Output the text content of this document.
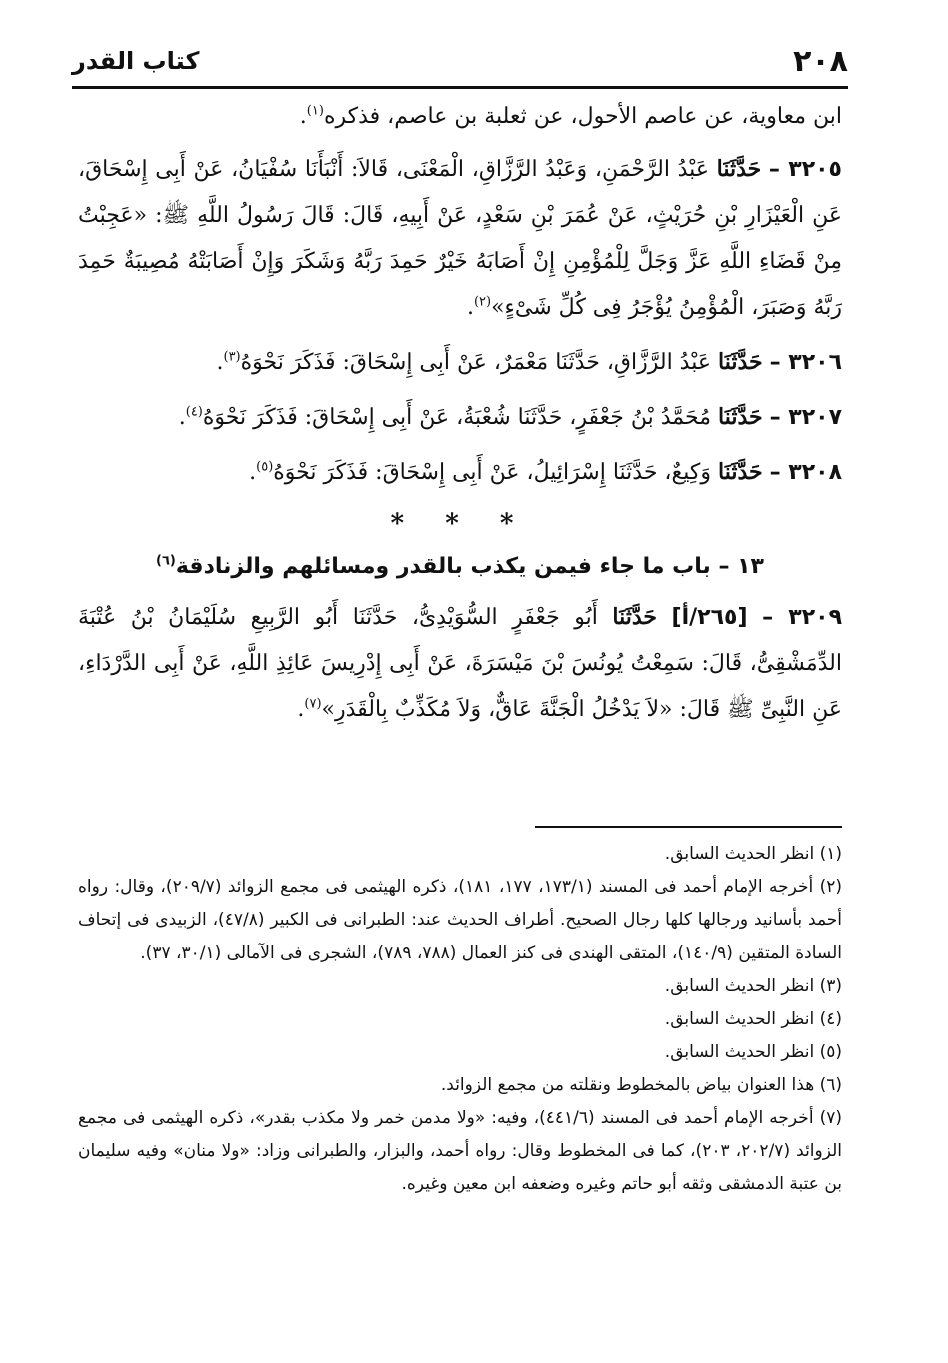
٢٠٨
كتاب القدر

ابن معاوية، عن عاصم الأحول، عن ثعلبة بن عاصم، فذكره$^{(١)}$.

٣٢٠٥ – حَدَّثَنَا عَبْدُ الرَّحْمَنِ، وَعَبْدُ الرَّزَّاقِ، الْمَعْنَى، قَالاَ: أَنْبَأَنَا سُفْيَانُ، عَنْ أَبِى إِسْحَاقَ، عَنِ الْعَيْزَارِ بْنِ حُرَيْثٍ، عَنْ عُمَرَ بْنِ سَعْدٍ، عَنْ أَبِيهِ، قَالَ: قَالَ رَسُولُ اللَّهِ ﷺ: «عَجِبْتُ مِنْ قَضَاءِ اللَّهِ عَزَّ وَجَلَّ لِلْمُؤْمِنِ إِنْ أَصَابَهُ خَيْرٌ حَمِدَ رَبَّهُ وَشَكَرَ وَإِنْ أَصَابَتْهُ مُصِيبَةٌ حَمِدَ رَبَّهُ وَصَبَرَ، الْمُؤْمِنُ يُؤْجَرُ فِى كُلِّ شَىْءٍ»$^{(٢)}$.

٣٢٠٦ – حَدَّثَنَا عَبْدُ الرَّزَّاقِ، حَدَّثَنَا مَعْمَرٌ، عَنْ أَبِى إِسْحَاقَ: فَذَكَرَ نَحْوَهُ$^{(٣)}$.

٣٢٠٧ – حَدَّثَنَا مُحَمَّدُ بْنُ جَعْفَرٍ، حَدَّثَنَا شُعْبَةُ، عَنْ أَبِى إِسْحَاقَ: فَذَكَرَ نَحْوَهُ$^{(٤)}$.

٣٢٠٨ – حَدَّثَنَا وَكِيعٌ، حَدَّثَنَا إِسْرَائِيلُ، عَنْ أَبِى إِسْحَاقَ: فَذَكَرَ نَحْوَهُ$^{(٥)}$.

* * *

١٣ – باب ما جاء فيمن يكذب بالقدر ومسائلهم والزنادقة$^{(٦)}$

٣٢٠٩ – [٢٦٥/أ] حَدَّثَنَا أَبُو جَعْفَرٍ السُّوَيْدِىُّ، حَدَّثَنَا أَبُو الرَّبِيعِ سُلَيْمَانُ بْنُ عُتْبَةَ الدِّمَشْقِىُّ، قَالَ: سَمِعْتُ يُونُسَ بْنَ مَيْسَرَةَ، عَنْ أَبِى إِدْرِيسَ عَائِذِ اللَّهِ، عَنْ أَبِى الدَّرْدَاءِ، عَنِ النَّبِىِّ ﷺ قَالَ: «لاَ يَدْخُلُ الْجَنَّةَ عَاقٌّ، وَلاَ مُكَذِّبٌ بِالْقَدَرِ»$^{(٧)}$.

(١) انظر الحديث السابق.

(٢) أخرجه الإمام أحمد فى المسند (١٧٣/١، ١٧٧، ١٨١)، ذكره الهيثمى فى مجمع الزوائد (٢٠٩/٧)، وقال: رواه أحمد بأسانيد ورجالها كلها رجال الصحيح. أطراف الحديث عند: الطبرانى فى الكبير (٤٧/٨)، الزبيدى فى إتحاف السادة المتقين (١٤٠/٩)، المتقى الهندى فى كنز العمال (٧٨٨، ٧٨٩)، الشجرى فى الآمالى (٣٠/١، ٣٧).

(٣) انظر الحديث السابق.

(٤) انظر الحديث السابق.

(٥) انظر الحديث السابق.

(٦) هذا العنوان بياض بالمخطوط ونقلته من مجمع الزوائد.

(٧) أخرجه الإمام أحمد فى المسند (٤٤١/٦)، وفيه: «ولا مدمن خمر ولا مكذب بقدر»، ذكره الهيثمى فى مجمع الزوائد (٢٠٢/٧، ٢٠٣)، كما فى المخطوط وقال: رواه أحمد، والبزار، والطبرانى وزاد: «ولا منان» وفيه سليمان بن عتبة الدمشقى وثقه أبو حاتم وغيره وضعفه ابن معين وغيره.
